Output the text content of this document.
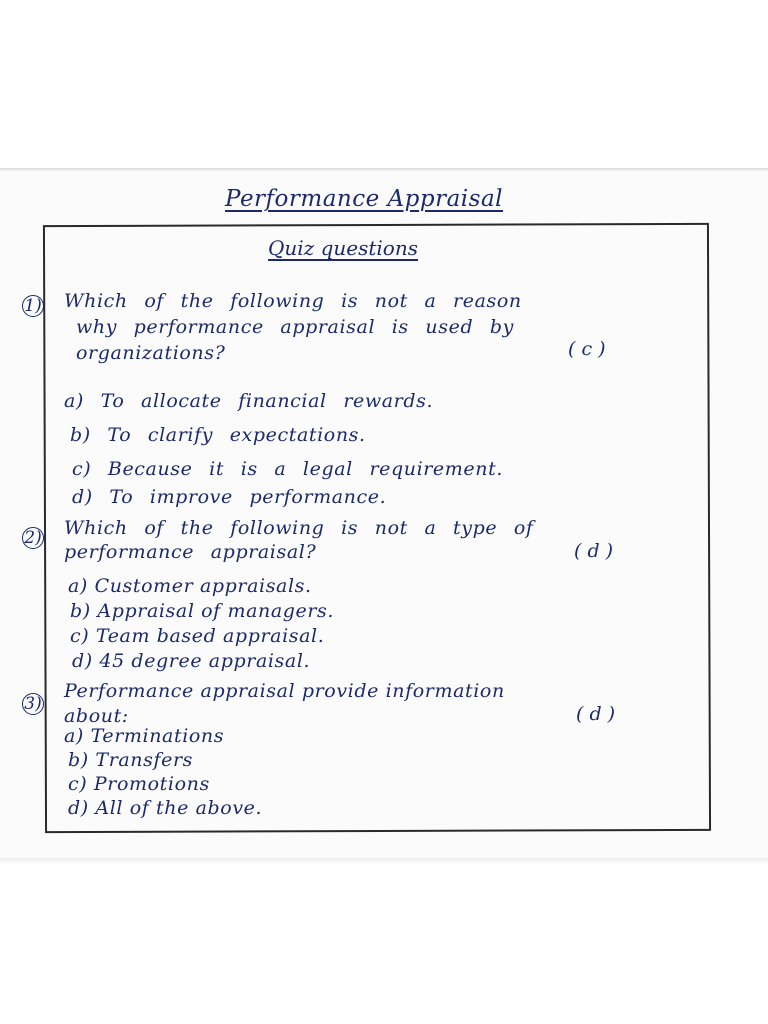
Performance Appraisal
Quiz questions
1) Which of the following is not a reason
why performance appraisal is used by
organizations?	( c )
a) To allocate financial rewards.
b) To clarify expectations.
c) Because it is a legal requirement.
d) To improve performance.
2) Which of the following is not a type of
performance appraisal?	( d )
a) Customer appraisals.
b) Appraisal of managers.
c) Team based appraisal.
d) 45 degree appraisal.
3)
Performance appraisal provide information
about:	( d )
a) Terminations
b) Transfers
c) Promotions
d) All of the above.
